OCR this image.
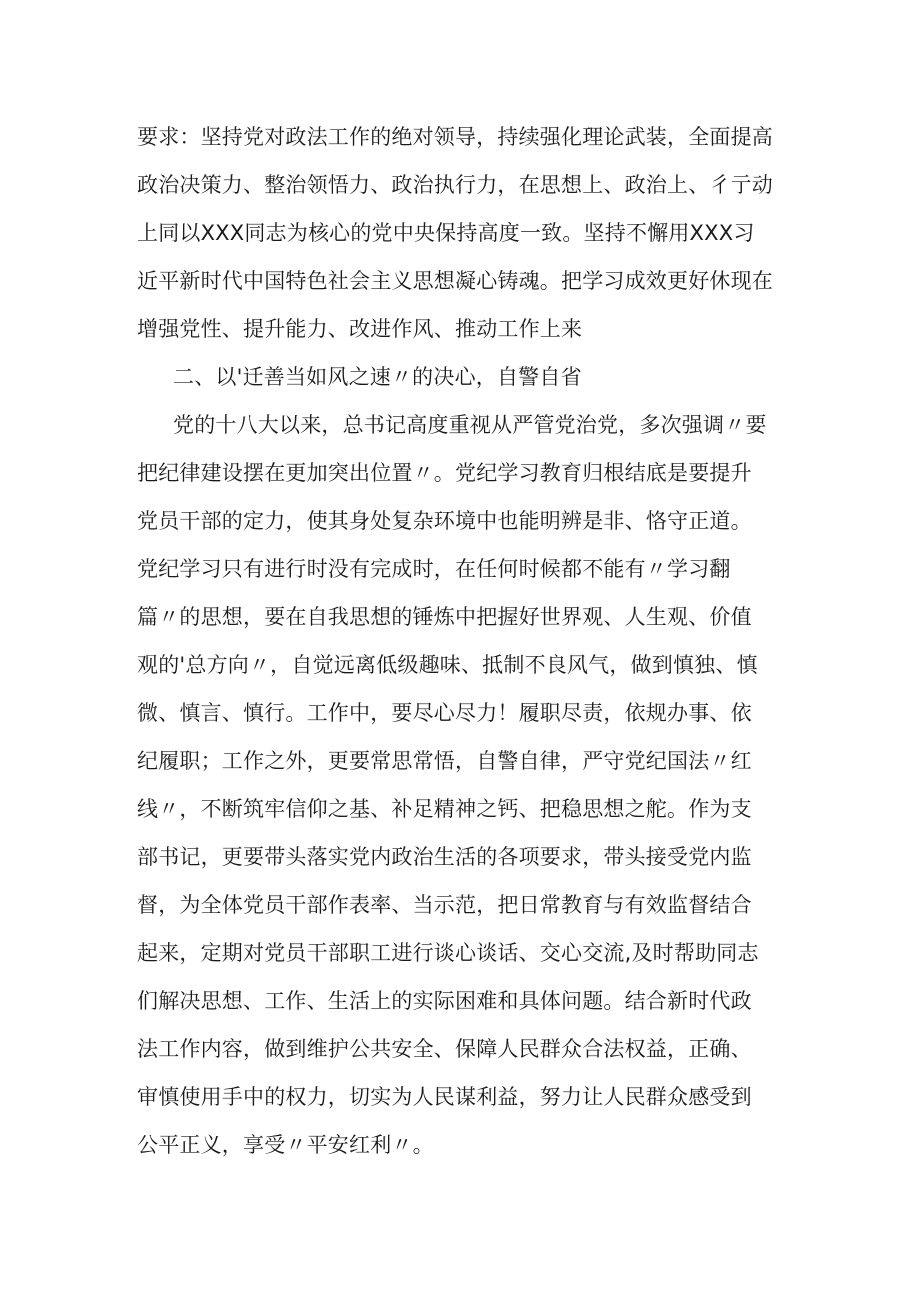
要求：坚持党对政法工作的绝对领导，持续强化理论武装，全面提高
政治决策力、整治领悟力、政治执行力，在思想上、政治上、彳亍动
上同以XXX同志为核心的党中央保持高度一致。坚持不懈用XXX习
近平新时代中国特色社会主义思想凝心铸魂。把学习成效更好休现在
增强党性、提升能力、改进作风、推动工作上来
二、以'迁善当如风之速〃的决心，自警自省
党的十八大以来，总书记高度重视从严管党治党，多次强调〃要
把纪律建设摆在更加突出位置〃。党纪学习教育归根结底是要提升
党员干部的定力，使其身处复杂环境中也能明辨是非、恪守正道。
党纪学习只有进行时没有完成时，在任何时候都不能有〃学习翻
篇〃的思想，要在自我思想的锤炼中把握好世界观、人生观、价值
观的'总方向〃，自觉远离低级趣味、抵制不良风气，做到慎独、慎
微、慎言、慎行。工作中，要尽心尽力！履职尽责，依规办事、依
纪履职；工作之外，更要常思常悟，自警自律，严守党纪国法〃红
线〃，不断筑牢信仰之基、补足精神之钙、把稳思想之舵。作为支
部书记，更要带头落实党内政治生活的各项要求，带头接受党内监
督，为全体党员干部作表率、当示范，把日常教育与有效监督结合
起来，定期对党员干部职工进行谈心谈话、交心交流,及时帮助同志
们解决思想、工作、生活上的实际困难和具体问题。结合新时代政
法工作内容，做到维护公共安全、保障人民群众合法权益，正确、
审慎使用手中的权力，切实为人民谋利益，努力让人民群众感受到
公平正义，享受〃平安红利〃。
